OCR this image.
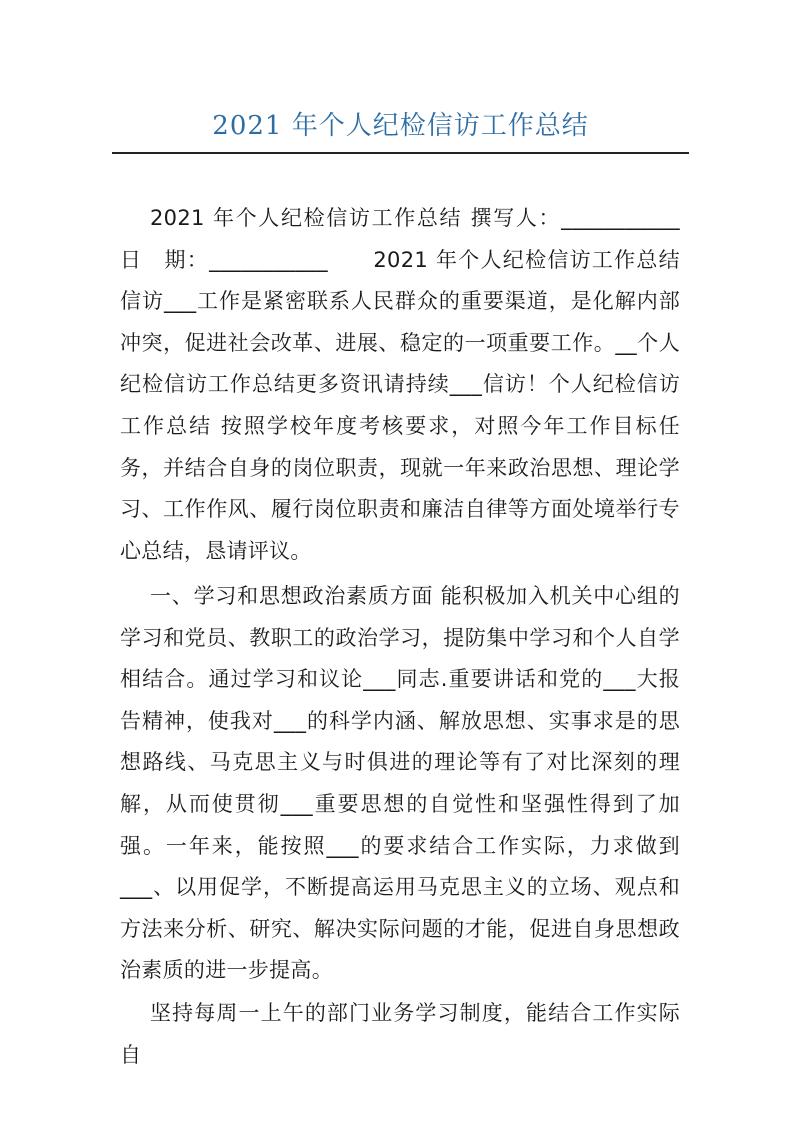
2021 年个人纪检信访工作总结

2021 年个人纪检信访工作总结 撰写人：___________ 日　期：___________　　2021 年个人纪检信访工作总结信访___工作是紧密联系人民群众的重要渠道，是化解内部冲突，促进社会改革、进展、稳定的一项重要工作。__个人纪检信访工作总结更多资讯请持续___信访！个人纪检信访工作总结 按照学校年度考核要求，对照今年工作目标任务，并结合自身的岗位职责，现就一年来政治思想、理论学习、工作作风、履行岗位职责和廉洁自律等方面处境举行专心总结，恳请评议。

一、学习和思想政治素质方面 能积极加入机关中心组的学习和党员、教职工的政治学习，提防集中学习和个人自学相结合。通过学习和议论___同志.重要讲话和党的___大报告精神，使我对___的科学内涵、解放思想、实事求是的思想路线、马克思主义与时俱进的理论等有了对比深刻的理解，从而使贯彻___重要思想的自觉性和坚强性得到了加强。一年来，能按照___的要求结合工作实际，力求做到___、以用促学，不断提高运用马克思主义的立场、观点和方法来分析、研究、解决实际问题的才能，促进自身思想政治素质的进一步提高。

坚持每周一上午的部门业务学习制度，能结合工作实际自
